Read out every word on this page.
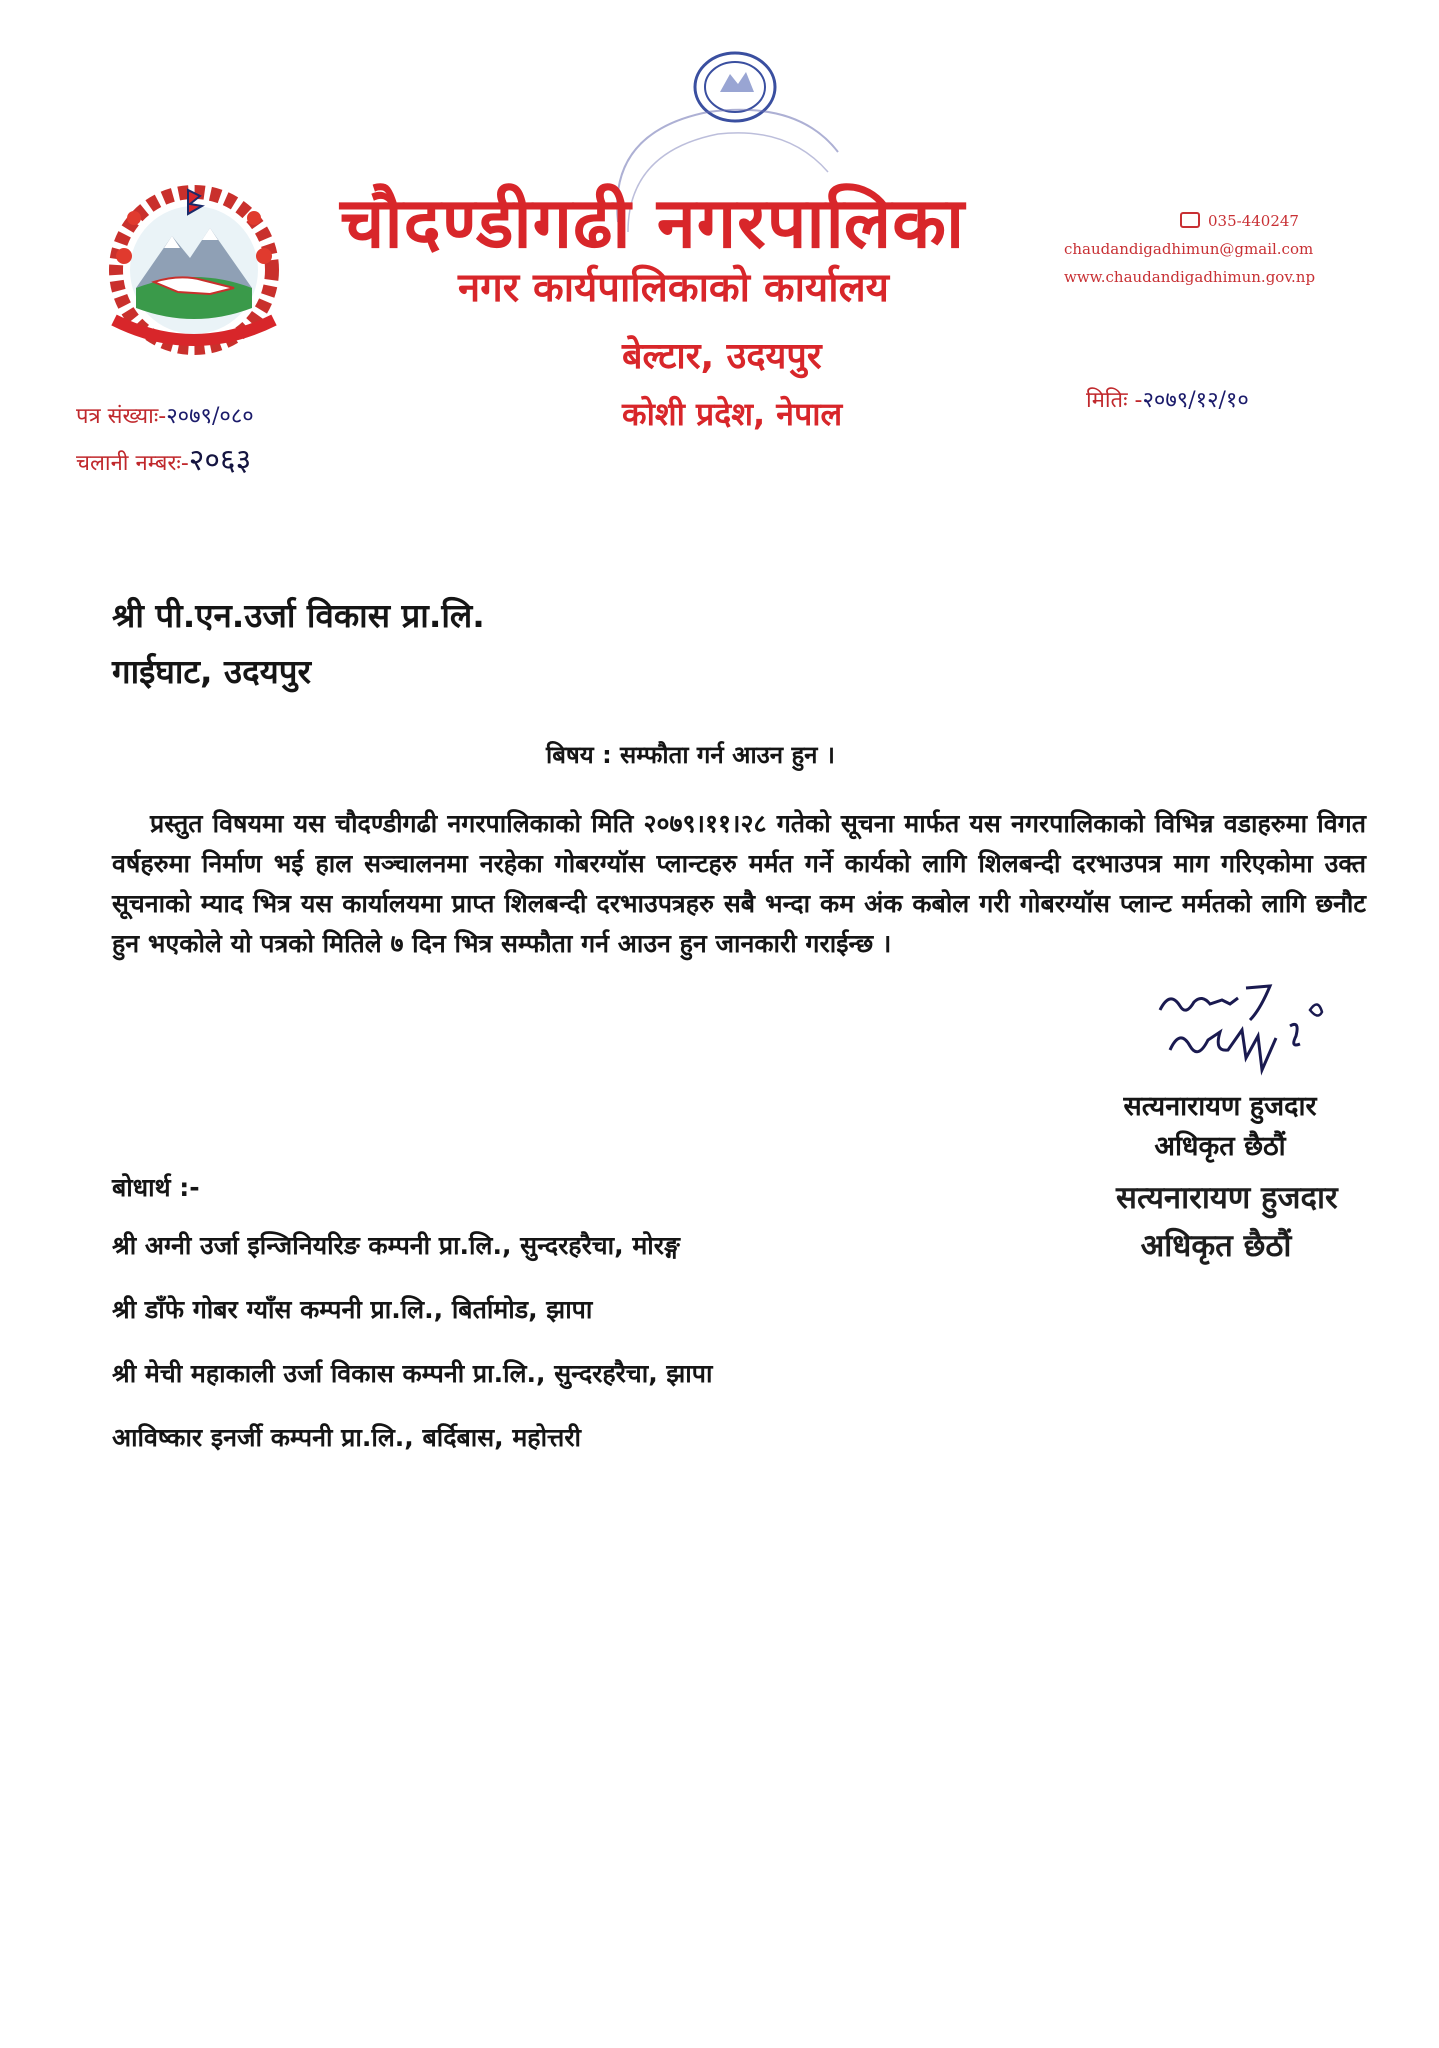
चौदण्डीगढी नगरपालिका
नगर कार्यपालिकाको कार्यालय
बेल्टार, उदयपुर
कोशी प्रदेश, नेपाल
035-440247
chaudandigadhimun@gmail.com
www.chaudandigadhimun.gov.np
पत्र संख्याः-२०७९/०८०
चलानी नम्बरः-२०६३
मितिः -२०७९/१२/१०
श्री पी.एन.उर्जा विकास प्रा.लि.
गाईघाट, उदयपुर
बिषय : सम्फौता गर्न आउन हुन ।

प्रस्तुत विषयमा यस चौदण्डीगढी नगरपालिकाको मिति २०७९।११।२८ गतेको सूचना मार्फत यस नगरपालिकाको विभिन्न वडाहरुमा विगत वर्षहरुमा निर्माण भई हाल सञ्चालनमा नरहेका गोबरग्यॉस प्लान्टहरु मर्मत गर्ने कार्यको लागि शिलबन्दी दरभाउपत्र माग गरिएकोमा उक्त सूचनाको म्याद भित्र यस कार्यालयमा प्राप्त शिलबन्दी दरभाउपत्रहरु सबै भन्दा कम अंक कबोल गरी गोबरग्यॉस प्लान्ट मर्मतको लागि छनौट हुन भएकोले यो पत्रको मितिले ७ दिन भित्र सम्फौता गर्न आउन हुन जानकारी गराईन्छ ।

सत्यनारायण हुजदार
अधिकृत छैठौं
सत्यनारायण हुजदार
अधिकृत छैठौं
बोधार्थ :-
श्री अग्नी उर्जा इन्जिनियरिङ कम्पनी प्रा.लि., सुन्दरहरैचा, मोरङ्ग
श्री डाँफे गोबर ग्याँस कम्पनी प्रा.लि., बिर्तामोड, झापा
श्री मेची महाकाली उर्जा विकास कम्पनी प्रा.लि., सुन्दरहरैचा, झापा
आविष्कार इनर्जी कम्पनी प्रा.लि., बर्दिबास, महोत्तरी
